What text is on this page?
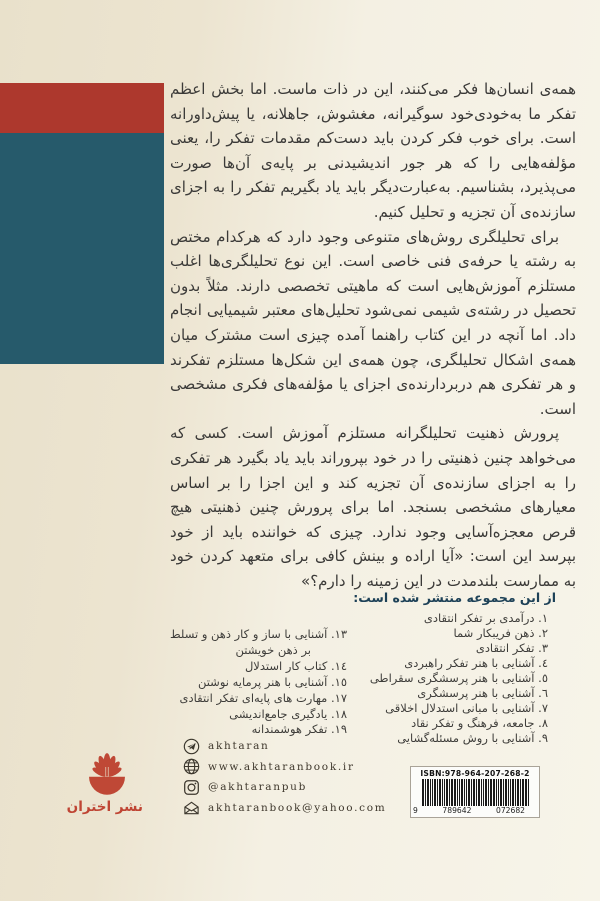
همه‌ی انسان‌ها فکر می‌کنند، این در ذات ماست. اما بخش اعظم تفکر ما به‌خودی‌خود سوگیرانه، مغشوش، جاهلانه، یا پیش‌داورانه است. برای خوب فکر کردن باید دست‌کم مقدمات تفکر را، یعنی مؤلفه‌هایی را که هر جور اندیشیدنی بر پایه‌ی آن‌ها صورت می‌پذیرد، بشناسیم. به‌عبارت‌دیگر باید یاد بگیریم تفکر را به اجزای سازنده‌ی آن تجزیه و تحلیل کنیم.

برای تحلیلگری روش‌های متنوعی وجود دارد که هرکدام مختص به رشته یا حرفه‌ی فنی خاصی است. این نوع تحلیلگری‌ها اغلب مستلزم آموزش‌هایی است که ماهیتی تخصصی دارند. مثلاً بدون تحصیل در رشته‌ی شیمی نمی‌شود تحلیل‌های معتبر شیمیایی انجام داد. اما آنچه در این کتاب راهنما آمده چیزی است مشترک میان همه‌ی اشکال تحلیلگری، چون همه‌ی این شکل‌ها مستلزم تفکرند و هر تفکری هم دربردارنده‌ی اجزای یا مؤلفه‌های فکری مشخصی است.

پرورش ذهنیت تحلیلگرانه مستلزم آموزش است. کسی که می‌خواهد چنین ذهنیتی را در خود بپروراند باید یاد بگیرد هر تفکری را به اجزای سازنده‌ی آن تجزیه کند و این اجزا را بر اساس معیارهای مشخصی بسنجد. اما برای پرورش چنین ذهنیتی هیچ قرص معجزه‌آسایی وجود ندارد. چیزی که خواننده باید از خود بپرسد این است: «آیا اراده و بینش کافی برای متعهد کردن خود به ممارست بلندمدت در این زمینه را دارم؟»

از این مجموعه منتشر شده است:
۱. درآمدی بر تفکر انتقادی
۲. ذهن فریبکار شما
۳. تفکر انتقادی
٤. آشنایی با هنر تفکر راهبردی
٥. آشنایی با هنر پرسشگری سقراطی
٦. آشنایی با هنر پرسشگری
۷. آشنایی با مبانی استدلال اخلاقی
۸. جامعه، فرهنگ و تفکر نقاد
۹. آشنایی با روش مسئله‌گشایی
۱۳. آشنایی با ساز و کار ذهن و تسلط
بر ذهن خویشتن
۱٤. کتاب کار استدلال
۱٥. آشنایی با هنر پرمایه نوشتن
۱۷. مهارت های پایه‌ای تفکر انتقادی
۱۸. یادگیری جامع‌اندیشی
۱۹. تفکر هوشمندانه
akhtaran
www.akhtaranbook.ir
@akhtaranpub
akhtaranbook@yahoo.com
نشر اختران
ISBN:978-964-207-268-2
9	789642	072682
